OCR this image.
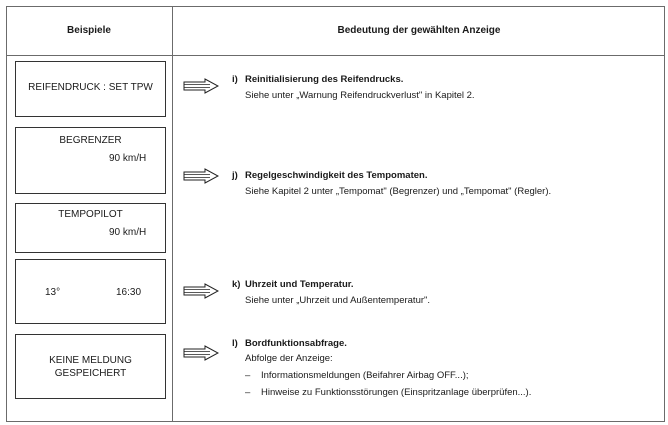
Beispiele	Bedeutung der gewählten Anzeige
REIFENDRUCK : SET TPW
BEGRENZER
90 km/H
TEMPOPILOT
90 km/H
13°	16:30
KEINE MELDUNG
GESPEICHERT
i) Reinitialisierung des Reifendrucks.
Siehe unter „Warnung Reifendruckverlust" in Kapitel 2.
j) Regelgeschwindigkeit des Tempomaten.
Siehe Kapitel 2 unter „Tempomat" (Begrenzer) und „Tempomat" (Regler).
k) Uhrzeit und Temperatur.
Siehe unter „Uhrzeit und Außentemperatur".
l) Bordfunktionsabfrage.
Abfolge der Anzeige:
– Informationsmeldungen (Beifahrer Airbag OFF...);
– Hinweise zu Funktionsstörungen (Einspritzanlage überprüfen...).
